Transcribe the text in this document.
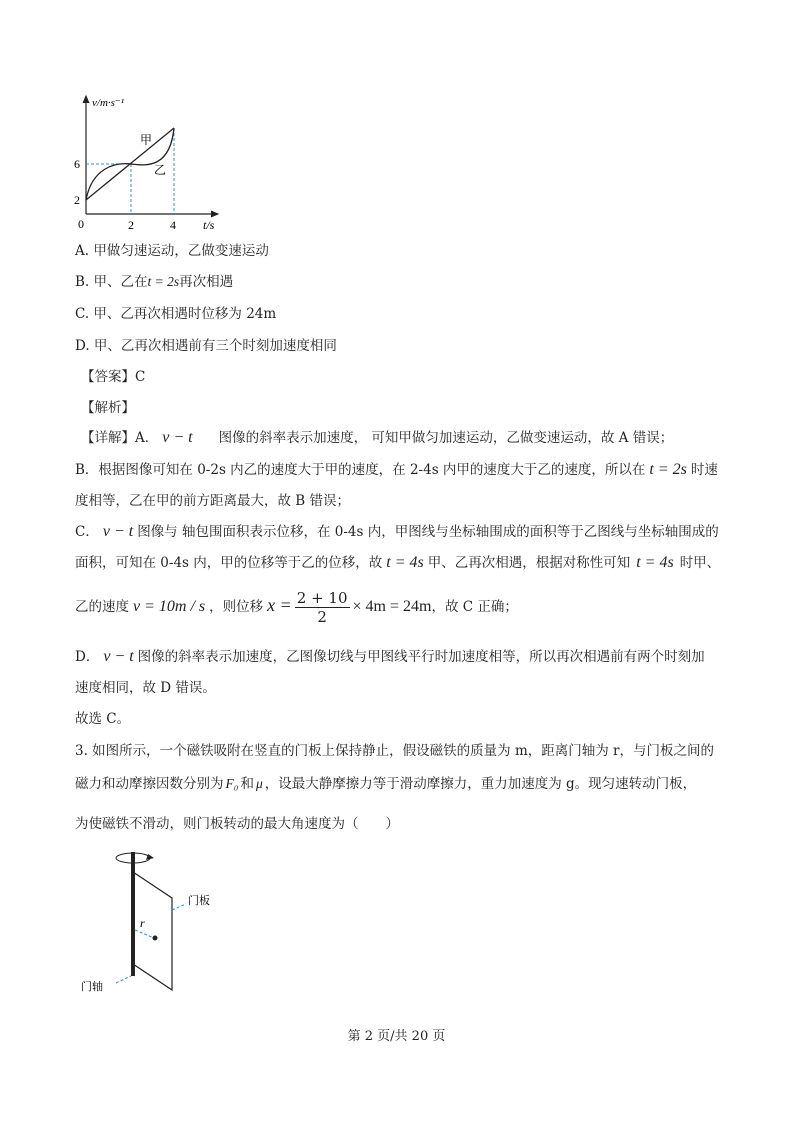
v/m·s⁻¹
t/s
6
2
0	2	4
甲
乙
A. 甲做匀速运动，乙做变速运动
B. 甲、乙在t = 2s再次相遇
C. 甲、乙再次相遇时位移为 24m
D. 甲、乙再次相遇前有三个时刻加速度相同
【答案】C
【解析】
【详解】A． v − t 图像的斜率表示加速度， 可知甲做匀加速运动，乙做变速运动，故 A 错误；
B．根据图像可知在 0-2s 内乙的速度大于甲的速度，在 2-4s 内甲的速度大于乙的速度，所以在 t = 2s 时速
度相等，乙在甲的前方距离最大，故 B 错误；
C． v − t 图像与 轴包围面积表示位移，在 0-4s 内，甲图线与坐标轴围成的面积等于乙图线与坐标轴围成的
面积，可知在 0-4s 内，甲的位移等于乙的位移，故 t = 4s 甲、乙再次相遇，根据对称性可知 t = 4s 时甲、
乙的速度 v = 10m / s ，则位移 $x = \frac{2 + 10}{2} \times 4m = 24m$，故 C 正确；
D． v − t 图像的斜率表示加速度，乙图像切线与甲图线平行时加速度相等，所以再次相遇前有两个时刻加
速度相同，故 D 错误。
故选 C。
3. 如图所示，一个磁铁吸附在竖直的门板上保持静止，假设磁铁的质量为 m，距离门轴为 r，与门板之间的
磁力和动摩擦因数分别为 F₀ 和 μ ，设最大静摩擦力等于滑动摩擦力，重力加速度为 g。现匀速转动门板，
为使磁铁不滑动，则门板转动的最大角速度为（　　）
r
门板
门轴
第 2 页/共 20 页
